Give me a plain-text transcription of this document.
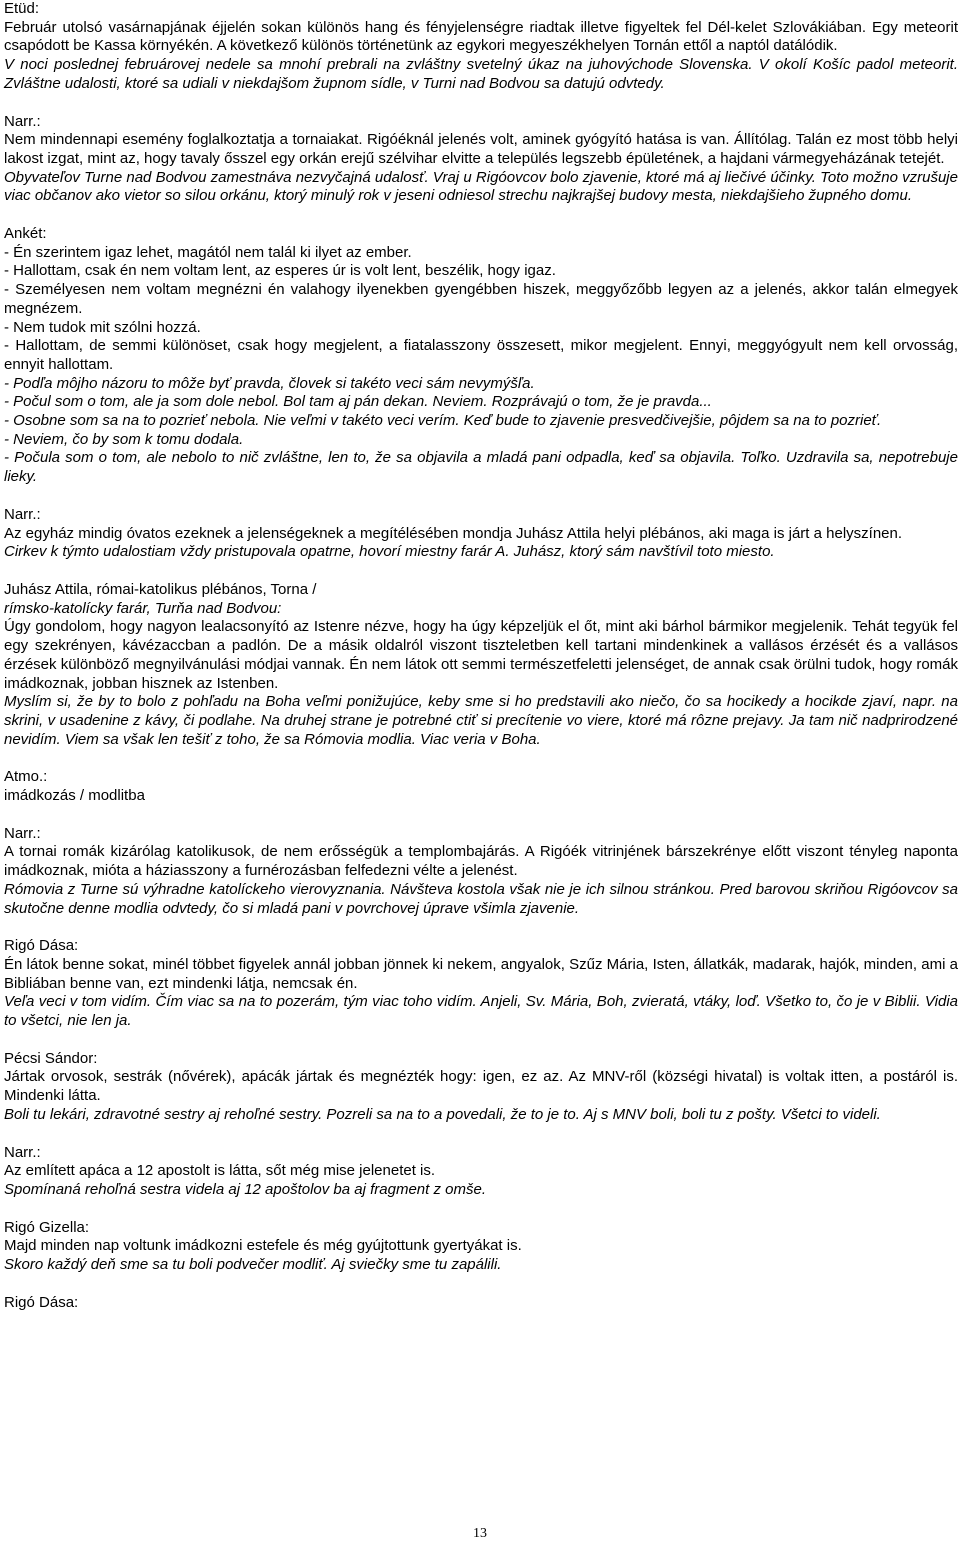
Etüd:

Február utolsó vasárnapjának éjjelén sokan különös hang és fényjelenségre riadtak illetve figyeltek fel Dél-kelet Szlovákiában. Egy meteorit csapódott be Kassa környékén. A következő különös történetünk az egykori megyeszékhelyen Tornán ettől a naptól datálódik.

V noci poslednej februárovej nedele sa mnohí prebrali na zvláštny svetelný úkaz na juhovýchode Slovenska. V okolí Košíc padol meteorit. Zvláštne udalosti, ktoré sa udiali v niekdajšom župnom sídle, v Turni nad Bodvou sa datujú odvtedy.

Narr.:

Nem mindennapi esemény foglalkoztatja a tornaiakat. Rigóéknál jelenés volt, aminek gyógyító hatása is van. Állítólag. Talán ez most több helyi lakost izgat, mint az, hogy tavaly ősszel egy orkán erejű szélvihar elvitte a település legszebb épületének, a hajdani vármegyeházának tetejét.

Obyvateľov Turne nad Bodvou zamestnáva nezvyčajná udalosť. Vraj u Rigóovcov bolo zjavenie, ktoré má aj liečivé účinky. Toto možno vzrušuje viac občanov ako vietor so silou orkánu, ktorý minulý rok v jeseni odniesol strechu najkrajšej budovy mesta, niekdajšieho župného domu.

Ankét:

- Én szerintem igaz lehet, magától nem talál ki ilyet az ember.

- Hallottam, csak én nem voltam lent, az esperes úr is volt lent, beszélik, hogy igaz.

- Személyesen nem voltam megnézni én valahogy ilyenekben gyengébben hiszek, meggyőzőbb legyen az a jelenés, akkor talán elmegyek megnézem.

- Nem tudok mit szólni hozzá.

- Hallottam, de semmi különöset, csak hogy megjelent, a fiatalasszony összesett, mikor megjelent. Ennyi, meggyógyult nem kell orvosság, ennyit hallottam.

- Podľa môjho názoru to môže byť pravda, človek si takéto veci sám nevymýšľa.

- Počul som o tom, ale ja som dole nebol. Bol tam aj pán dekan. Neviem. Rozprávajú o tom, že je pravda...

- Osobne som sa na to pozrieť nebola. Nie veľmi v takéto veci verím. Keď bude to zjavenie presvedčivejšie, pôjdem sa na to pozrieť.

- Neviem, čo by som k tomu dodala.

- Počula som o tom, ale nebolo to nič zvláštne, len to, že sa objavila a mladá pani odpadla, keď sa objavila. Toľko. Uzdravila sa, nepotrebuje lieky.

Narr.:

Az egyház mindig óvatos ezeknek a jelenségeknek a megítélésében mondja Juhász Attila helyi plébános, aki maga is járt a helyszínen.

Cirkev k týmto udalostiam vždy pristupovala opatrne, hovorí miestny farár A. Juhász, ktorý sám navštívil toto miesto.

Juhász Attila, római-katolikus plébános, Torna /

rímsko-katolícky farár, Turňa nad Bodvou:

Úgy gondolom, hogy nagyon lealacsonyító az Istenre nézve, hogy ha úgy képzeljük el őt, mint aki bárhol bármikor megjelenik. Tehát tegyük fel egy szekrényen, kávézaccban a padlón. De a másik oldalról viszont tiszteletben kell tartani mindenkinek a vallásos érzését és a vallásos érzések különböző megnyilvánulási módjai vannak. Én nem látok ott semmi természetfeletti jelenséget, de annak csak örülni tudok, hogy romák imádkoznak, jobban hisznek az Istenben.

Myslím si, že by to bolo z pohľadu na Boha veľmi ponižujúce, keby sme si ho predstavili ako niečo, čo sa hocikedy a hocikde zjaví, napr. na skrini, v usadenine z kávy, či podlahe. Na druhej strane je potrebné ctiť si precítenie vo viere, ktoré má rôzne prejavy. Ja tam nič nadprirodzené nevidím. Viem sa však len tešiť z toho, že sa Rómovia modlia. Viac veria v Boha.

Atmo.:

imádkozás / modlitba

Narr.:

A tornai romák kizárólag katolikusok, de nem erősségük a templombajárás. A Rigóék vitrinjének bárszekrénye előtt viszont tényleg naponta imádkoznak, mióta a háziasszony a furnérozásban felfedezni vélte a jelenést.

Rómovia z Turne sú výhradne katolíckeho vierovyznania. Návšteva kostola však nie je ich silnou stránkou. Pred barovou skriňou Rigóovcov sa skutočne denne modlia odvtedy, čo si mladá pani v povrchovej úprave všimla zjavenie.

Rigó Dása:

Én látok benne sokat, minél többet figyelek annál jobban jönnek ki nekem, angyalok, Szűz Mária, Isten, állatkák, madarak, hajók, minden, ami a Bibliában benne van, ezt mindenki látja, nemcsak én.

Veľa veci v tom vidím. Čím viac sa na to pozerám, tým viac toho vidím. Anjeli, Sv. Mária, Boh, zvieratá, vtáky, loď. Všetko to, čo je v Biblii. Vidia to všetci, nie len ja.

Pécsi Sándor:

Jártak orvosok, sestrák (nővérek), apácák jártak és megnézték hogy: igen, ez az. Az MNV-ről (községi hivatal) is voltak itten, a postáról is. Mindenki látta.

Boli tu lekári, zdravotné sestry aj rehoľné sestry. Pozreli sa na to a povedali, že to je to. Aj s MNV boli, boli tu z pošty. Všetci to videli.

Narr.:

Az említett apáca a 12 apostolt is látta, sőt még mise jelenetet is.

Spomínaná rehoľná sestra videla aj 12 apoštolov ba aj fragment z omše.

Rigó Gizella:

Majd minden nap voltunk imádkozni estefele és még gyújtottunk gyertyákat is.

Skoro každý deň sme sa tu boli podvečer modliť. Aj sviečky sme tu zapálili.

Rigó Dása:

13
